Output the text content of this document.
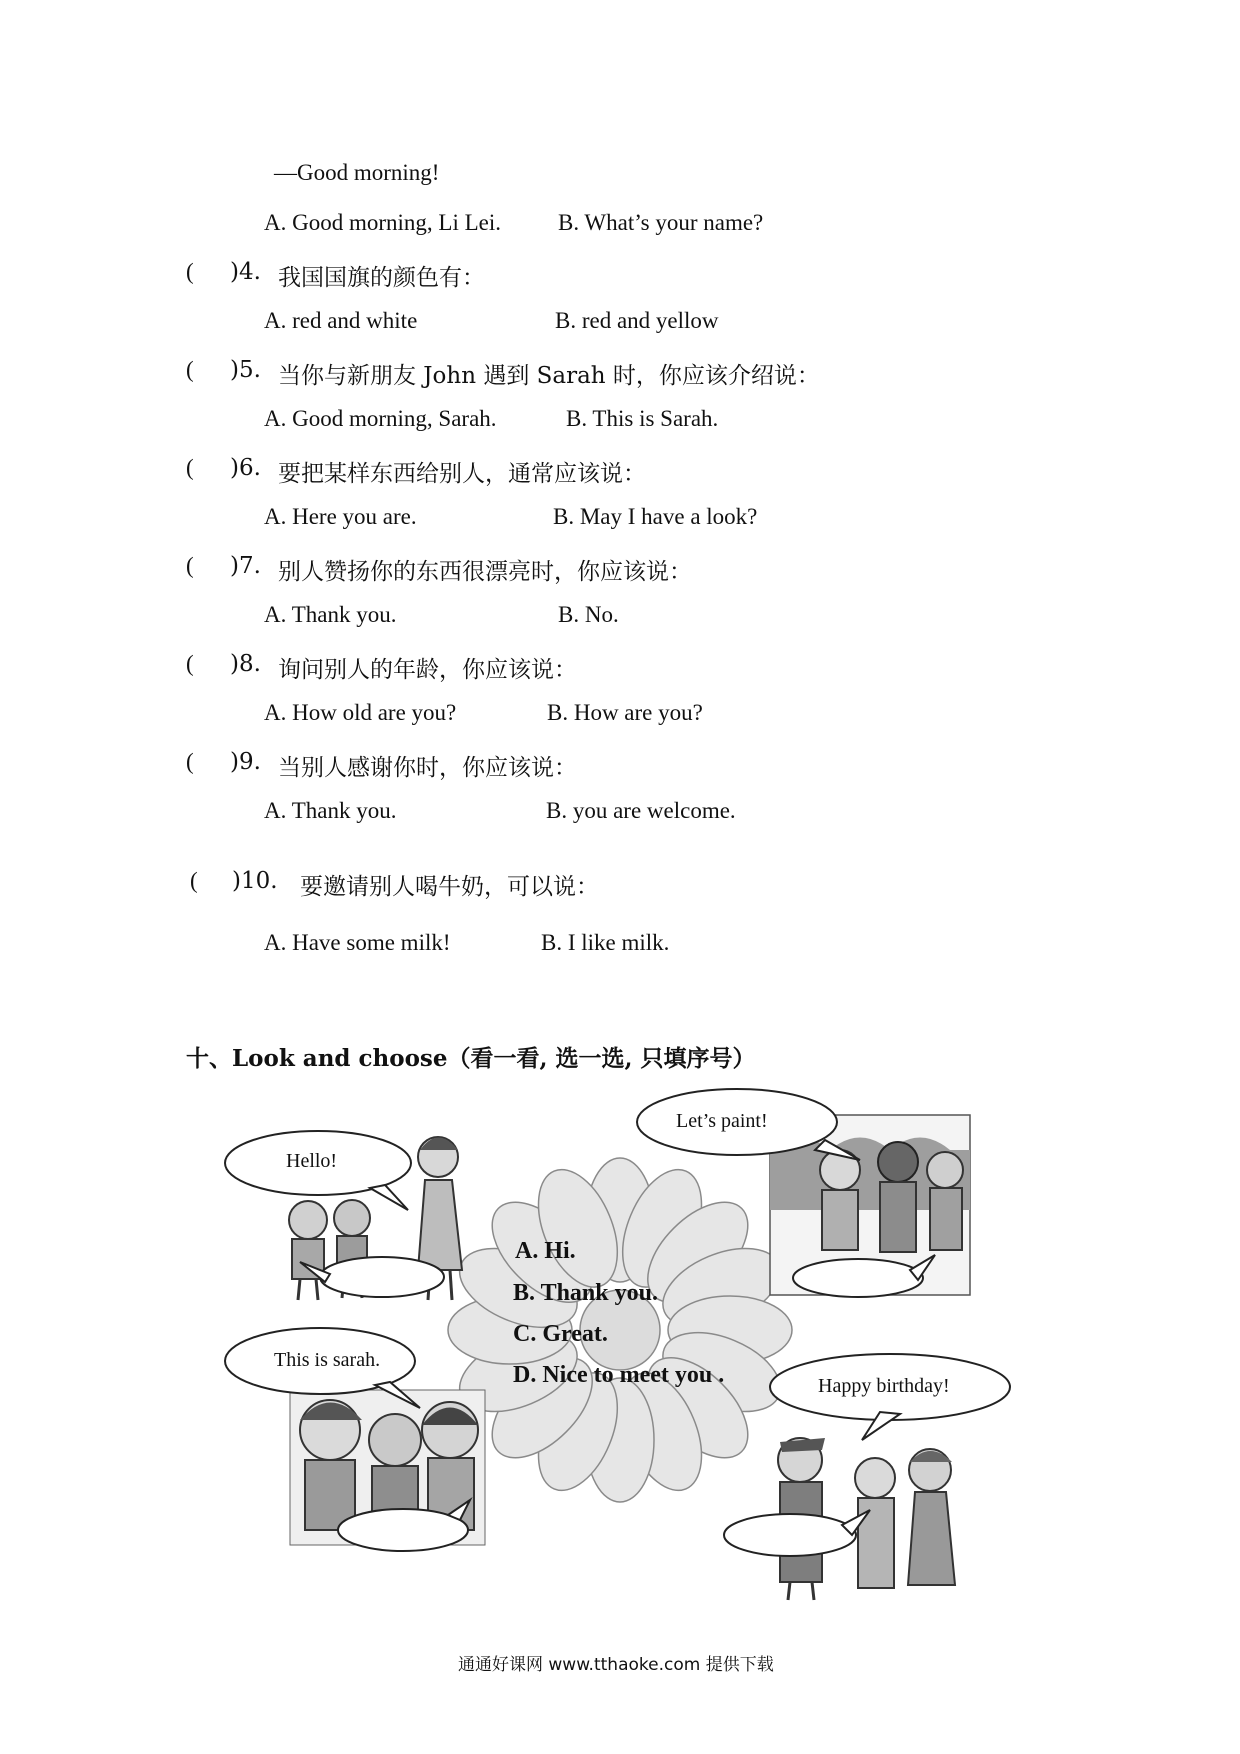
—Good morning!
A. Good morning, Li Lei. B. What’s your name?
( )4. 我国国旗的颜色有：
A. red and white	B. red and yellow
( )5. 当你与新朋友 John 遇到 Sarah 时，你应该介绍说：
A. Good morning, Sarah.	B. This is Sarah.
( )6. 要把某样东西给别人，通常应该说：
A. Here you are.	B. May I have a look?
( )7. 别人赞扬你的东西很漂亮时，你应该说：
A. Thank you.	B. No.
( )8. 询问别人的年龄，你应该说：
A. How old are you?	B. How are you?
( )9. 当别人感谢你时，你应该说：
A. Thank you.	B. you are welcome.
( )10. 要邀请别人喝牛奶，可以说：
A. Have some milk!	B. I like milk.
十、Look and choose（看一看, 选一选, 只填序号）
Hello!
Let’s paint!
This is sarah.
Happy birthday!
A. Hi.
B. Thank you.
C. Great.
D. Nice to meet you .
通通好课网 www.tthaoke.com 提供下载
